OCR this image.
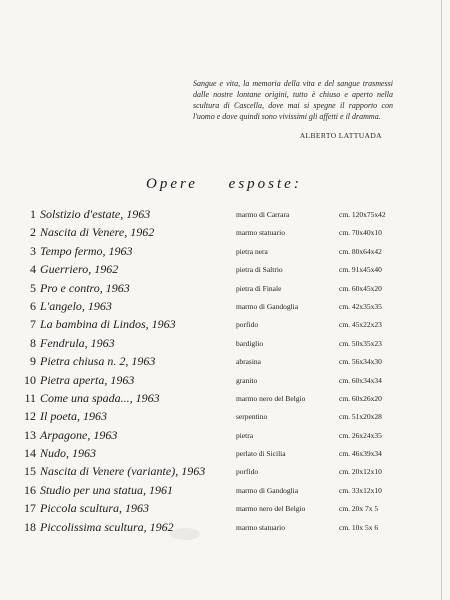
Sangue e vita, la memoria della vita e del sangue trasmessi dalle nostre lontane origini, tutto è chiuso e aperto nella scultura di Cascella, dove mai si spegne il rapporto con l'uomo e dove quindi sono vivissimi gli affetti e il dramma.
ALBERTO LATTUADA
Opere esposte:
1 Solstizio d'estate, 1963	marmo di Carrara	cm. 120x75x42
2 Nascita di Venere, 1962	marmo statuario	cm. 70x40x10
3 Tempo fermo, 1963	pietra nera	cm. 80x64x42
4 Guerriero, 1962	pietra di Saltrio	cm. 91x45x40
5 Pro e contro, 1963	pietra di Finale	cm. 60x45x20
6 L'angelo, 1963	marmo di Gandoglia	cm. 42x35x35
7 La bambina di Lindos, 1963	porfido	cm. 45x22x23
8 Fendrula, 1963	bardiglio	cm. 50x35x23
9 Pietra chiusa n. 2, 1963	abrasina	cm. 56x34x30
10 Pietra aperta, 1963	granito	cm. 60x34x34
11 Come una spada..., 1963	marmo nero del Belgio	cm. 60x26x20
12 Il poeta, 1963	serpentino	cm. 51x20x28
13 Arpagone, 1963	pietra	cm. 26x24x35
14 Nudo, 1963	perlato di Sicilia	cm. 46x39x34
15 Nascita di Venere (variante), 1963	porfido	cm. 20x12x10
16 Studio per una statua, 1961	marmo di Gandoglia	cm. 33x12x10
17 Piccola scultura, 1963	marmo nero del Belgio	cm. 20x 7x 5
18 Piccolissima scultura, 1962	marmo statuario	cm. 10x 5x 6
